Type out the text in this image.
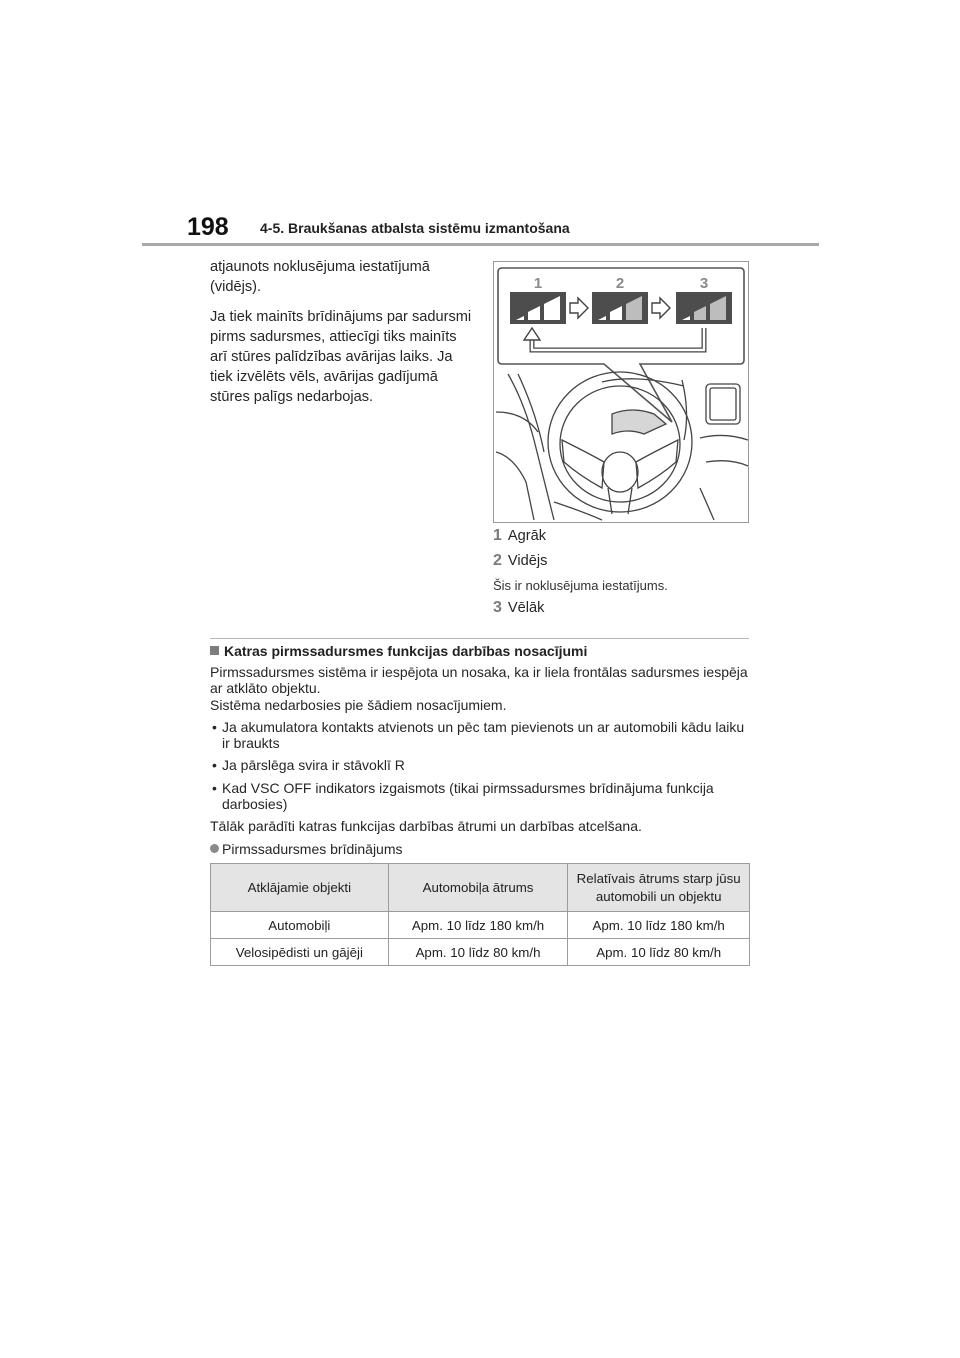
198 4-5. Braukšanas atbalsta sistēmu izmantošana

atjaunots noklusējuma iestatījumā (vidējs).

Ja tiek mainīts brīdinājums par sadursmi pirms sadursmes, attiecīgi tiks mainīts arī stūres palīdzības avārijas laiks. Ja tiek izvēlēts vēls, avārijas gadījumā stūres palīgs nedarbojas.

1	2	3
1 Agrāk
2 Vidējs
Šis ir noklusējuma iestatījums.
3 Vēlāk
Katras pirmssadursmes funkcijas darbības nosacījumi

Pirmssadursmes sistēma ir iespējota un nosaka, ka ir liela frontālas sadursmes iespēja ar atklāto objektu.

Sistēma nedarbosies pie šādiem nosacījumiem.

• Ja akumulatora kontakts atvienots un pēc tam pievienots un ar automobili kādu laiku ir braukts

• Ja pārslēga svira ir stāvoklī R

• Kad VSC OFF indikators izgaismots (tikai pirmssadursmes brīdinājuma funkcija darbosies)

Tālāk parādīti katras funkcijas darbības ātrumi un darbības atcelšana.

Pirmssadursmes brīdinājums

Atklājamie objekti	Automobiļa ātrums	Relatīvais ātrums starp jūsu automobili un objektu
Automobiļi	Apm. 10 līdz 180 km/h	Apm. 10 līdz 180 km/h
Velosipēdisti un gājēji	Apm. 10 līdz 80 km/h	Apm. 10 līdz 80 km/h
